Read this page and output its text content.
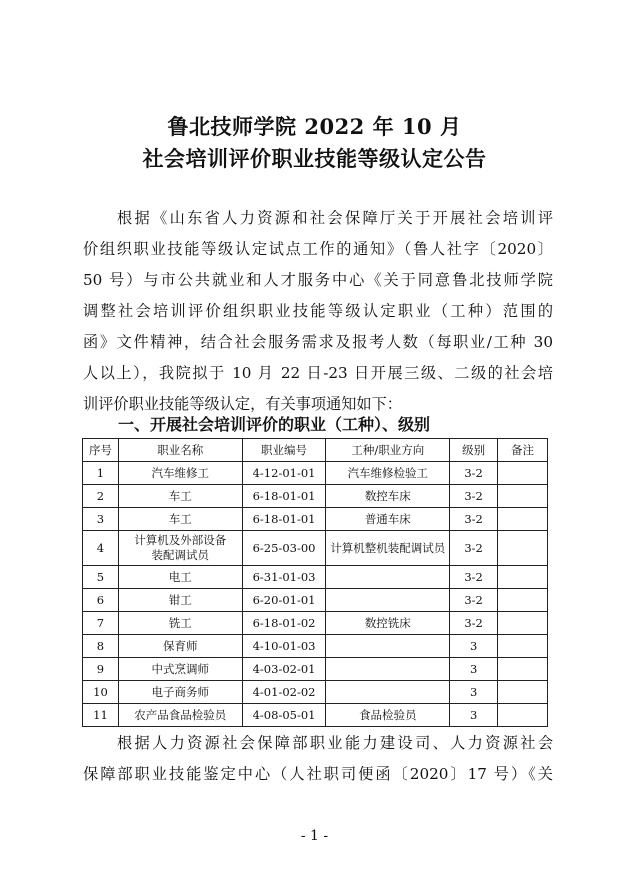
鲁北技师学院 2022 年 10 月
社会培训评价职业技能等级认定公告
根据《山东省人力资源和社会保障厅关于开展社会培训评
价组织职业技能等级认定试点工作的通知》（鲁人社字〔2020〕
50 号）与市公共就业和人才服务中心《关于同意鲁北技师学院
调整社会培训评价组织职业技能等级认定职业（工种）范围的
函》文件精神，结合社会服务需求及报考人数（每职业/工种 30
人以上），我院拟于 10 月 22 日-23 日开展三级、二级的社会培
训评价职业技能等级认定，有关事项通知如下：
一、开展社会培训评价的职业（工种）、级别
序号	职业名称	职业编号	工种/职业方向	级别	备注
1	汽车维修工	4-12-01-01	汽车维修检验工	3-2	
2	车工	6-18-01-01	数控车床	3-2	
3	车工	6-18-01-01	普通车床	3-2	
4	计算机及外部设备
装配调试员	6-25-03-00	计算机整机装配调试员	3-2	
5	电工	6-31-01-03		3-2	
6	钳工	6-20-01-01		3-2	
7	铣工	6-18-01-02	数控铣床	3-2	
8	保育师	4-10-01-03		3	
9	中式烹调师	4-03-02-01		3	
10	电子商务师	4-01-02-02		3	
11	农产品食品检验员	4-08-05-01	食品检验员	3	
根据人力资源社会保障部职业能力建设司、人力资源社会
保障部职业技能鉴定中心（人社职司便函〔2020〕17 号）《关
- 1 -
